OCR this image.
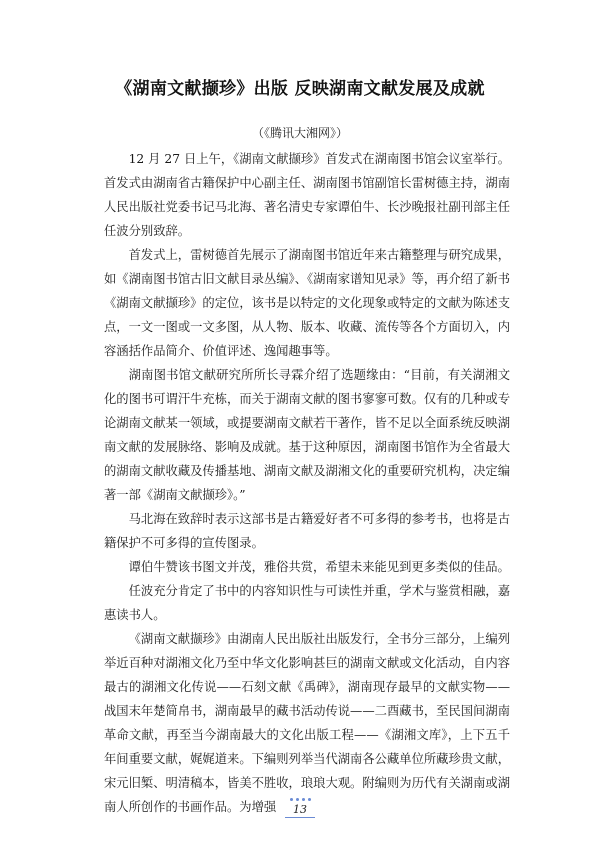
《湖南文献撷珍》出版 反映湖南文献发展及成就

（《腾讯大湘网》）

12 月 27 日上午，《湖南文献撷珍》首发式在湖南图书馆会议室举行。首发式由湖南省古籍保护中心副主任、湖南图书馆副馆长雷树德主持，湖南人民出版社党委书记马北海、著名清史专家谭伯牛、长沙晚报社副刊部主任任波分别致辞。

首发式上，雷树德首先展示了湖南图书馆近年来古籍整理与研究成果，如《湖南图书馆古旧文献目录丛编》、《湖南家谱知见录》等，再介绍了新书《湖南文献撷珍》的定位，该书是以特定的文化现象或特定的文献为陈述支点，一文一图或一文多图，从人物、版本、收藏、流传等各个方面切入，内容涵括作品简介、价值评述、逸闻趣事等。

湖南图书馆文献研究所所长寻霖介绍了选题缘由：“目前，有关湖湘文化的图书可谓汗牛充栋，而关于湖南文献的图书寥寥可数。仅有的几种或专论湖南文献某一领域，或提要湖南文献若干著作，皆不足以全面系统反映湖南文献的发展脉络、影响及成就。基于这种原因，湖南图书馆作为全省最大的湖南文献收藏及传播基地、湖南文献及湖湘文化的重要研究机构，决定编著一部《湖南文献撷珍》。”

马北海在致辞时表示这部书是古籍爱好者不可多得的参考书，也将是古籍保护不可多得的宣传图录。

谭伯牛赞该书图文并茂，雅俗共赏，希望未来能见到更多类似的佳品。

任波充分肯定了书中的内容知识性与可读性并重，学术与鉴赏相融，嘉惠读书人。

《湖南文献撷珍》由湖南人民出版社出版发行，全书分三部分，上编列举近百种对湖湘文化乃至中华文化影响甚巨的湖南文献或文化活动，自内容最古的湖湘文化传说——石刻文献《禹碑》，湖南现存最早的文献实物——战国末年楚简帛书，湖南最早的藏书活动传说——二酉藏书，至民国间湖南革命文献，再至当今湖南最大的文化出版工程——《湖湘文库》，上下五千年间重要文献，娓娓道来。下编则列举当代湖南各公藏单位所藏珍贵文献，宋元旧椠、明清稿本，皆美不胜收，琅琅大观。附编则为历代有关湖南或湖南人所创作的书画作品。为增强	13
